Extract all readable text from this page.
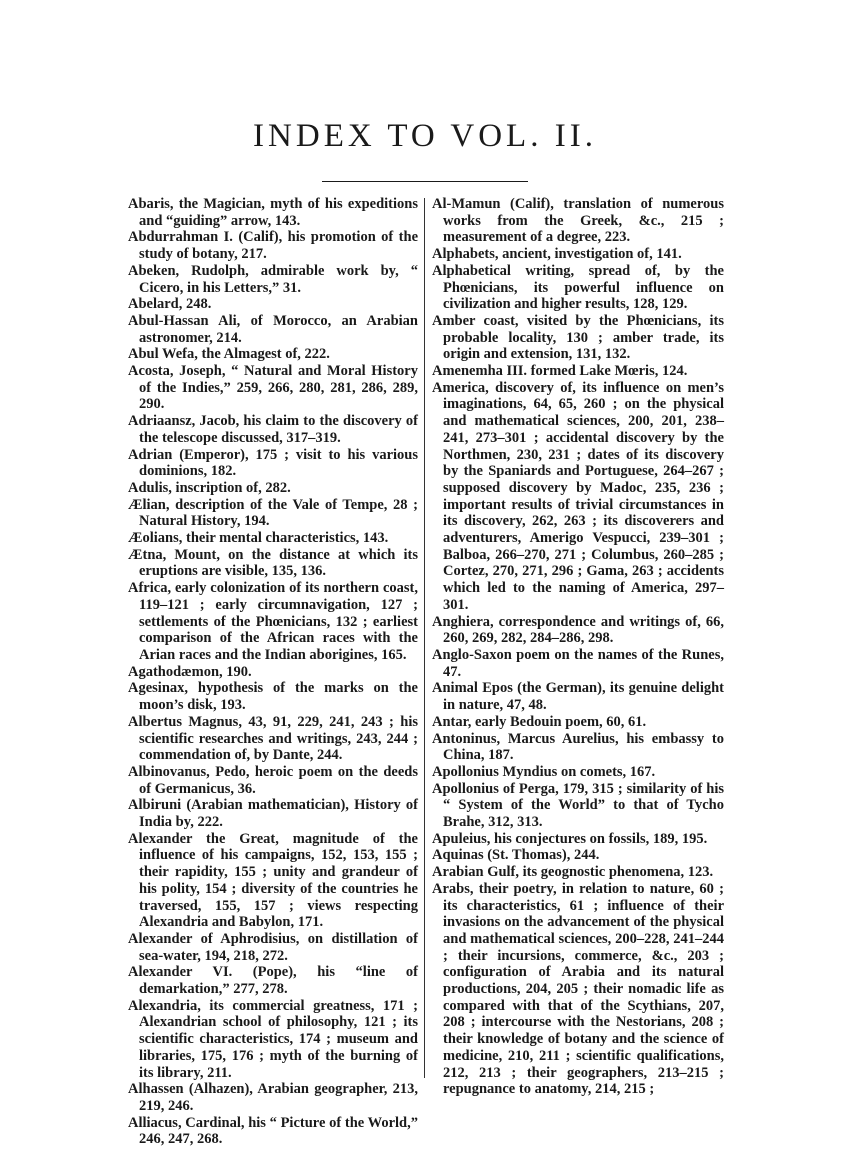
INDEX TO VOL. II.

Abaris, the Magician, myth of his expeditions and “guiding” arrow, 143.

Abdurrahman I. (Calif), his promotion of the study of botany, 217.

Abeken, Rudolph, admirable work by, “ Cicero, in his Letters,” 31.

Abelard, 248.

Abul-Hassan Ali, of Morocco, an Arabian astronomer, 214.

Abul Wefa, the Almagest of, 222.

Acosta, Joseph, “ Natural and Moral History of the Indies,” 259, 266, 280, 281, 286, 289, 290.

Adriaansz, Jacob, his claim to the discovery of the telescope discussed, 317–319.

Adrian (Emperor), 175 ; visit to his various dominions, 182.

Adulis, inscription of, 282.

Ælian, description of the Vale of Tempe, 28 ; Natural History, 194.

Æolians, their mental characteristics, 143.

Ætna, Mount, on the distance at which its eruptions are visible, 135, 136.

Africa, early colonization of its northern coast, 119–121 ; early circumnavigation, 127 ; settlements of the Phœnicians, 132 ; earliest comparison of the African races with the Arian races and the Indian aborigines, 165.

Agathodæmon, 190.

Agesinax, hypothesis of the marks on the moon’s disk, 193.

Albertus Magnus, 43, 91, 229, 241, 243 ; his scientific researches and writings, 243, 244 ; commendation of, by Dante, 244.

Albinovanus, Pedo, heroic poem on the deeds of Germanicus, 36.

Albiruni (Arabian mathematician), History of India by, 222.

Alexander the Great, magnitude of the influence of his campaigns, 152, 153, 155 ; their rapidity, 155 ; unity and grandeur of his polity, 154 ; diversity of the countries he traversed, 155, 157 ; views respecting Alexandria and Babylon, 171.

Alexander of Aphrodisius, on distillation of sea-water, 194, 218, 272.

Alexander VI. (Pope), his “line of demarkation,” 277, 278.

Alexandria, its commercial greatness, 171 ; Alexandrian school of philosophy, 121 ; its scientific characteristics, 174 ; museum and libraries, 175, 176 ; myth of the burning of its library, 211.

Alhassen (Alhazen), Arabian geographer, 213, 219, 246.

Alliacus, Cardinal, his “ Picture of the World,” 246, 247, 268.

Al-Mamun (Calif), translation of numerous works from the Greek, &c., 215 ; measurement of a degree, 223.

Alphabets, ancient, investigation of, 141.

Alphabetical writing, spread of, by the Phœnicians, its powerful influence on civilization and higher results, 128, 129.

Amber coast, visited by the Phœnicians, its probable locality, 130 ; amber trade, its origin and extension, 131, 132.

Amenemha III. formed Lake Mœris, 124.

America, discovery of, its influence on men’s imaginations, 64, 65, 260 ; on the physical and mathematical sciences, 200, 201, 238–241, 273–301 ; accidental discovery by the Northmen, 230, 231 ; dates of its discovery by the Spaniards and Portuguese, 264–267 ; supposed discovery by Madoc, 235, 236 ; important results of trivial circumstances in its discovery, 262, 263 ; its discoverers and adventurers, Amerigo Vespucci, 239–301 ; Balboa, 266–270, 271 ; Columbus, 260–285 ; Cortez, 270, 271, 296 ; Gama, 263 ; accidents which led to the naming of America, 297–301.

Anghiera, correspondence and writings of, 66, 260, 269, 282, 284–286, 298.

Anglo-Saxon poem on the names of the Runes, 47.

Animal Epos (the German), its genuine delight in nature, 47, 48.

Antar, early Bedouin poem, 60, 61.

Antoninus, Marcus Aurelius, his embassy to China, 187.

Apollonius Myndius on comets, 167.

Apollonius of Perga, 179, 315 ; similarity of his “ System of the World” to that of Tycho Brahe, 312, 313.

Apuleius, his conjectures on fossils, 189, 195.

Aquinas (St. Thomas), 244.

Arabian Gulf, its geognostic phenomena, 123.

Arabs, their poetry, in relation to nature, 60 ; its characteristics, 61 ; influence of their invasions on the advancement of the physical and mathematical sciences, 200–228, 241–244 ; their incursions, commerce, &c., 203 ; configuration of Arabia and its natural productions, 204, 205 ; their nomadic life as compared with that of the Scythians, 207, 208 ; intercourse with the Nestorians, 208 ; their knowledge of botany and the science of medicine, 210, 211 ; scientific qualifications, 212, 213 ; their geographers, 213–215 ; repugnance to anatomy, 214, 215 ;
